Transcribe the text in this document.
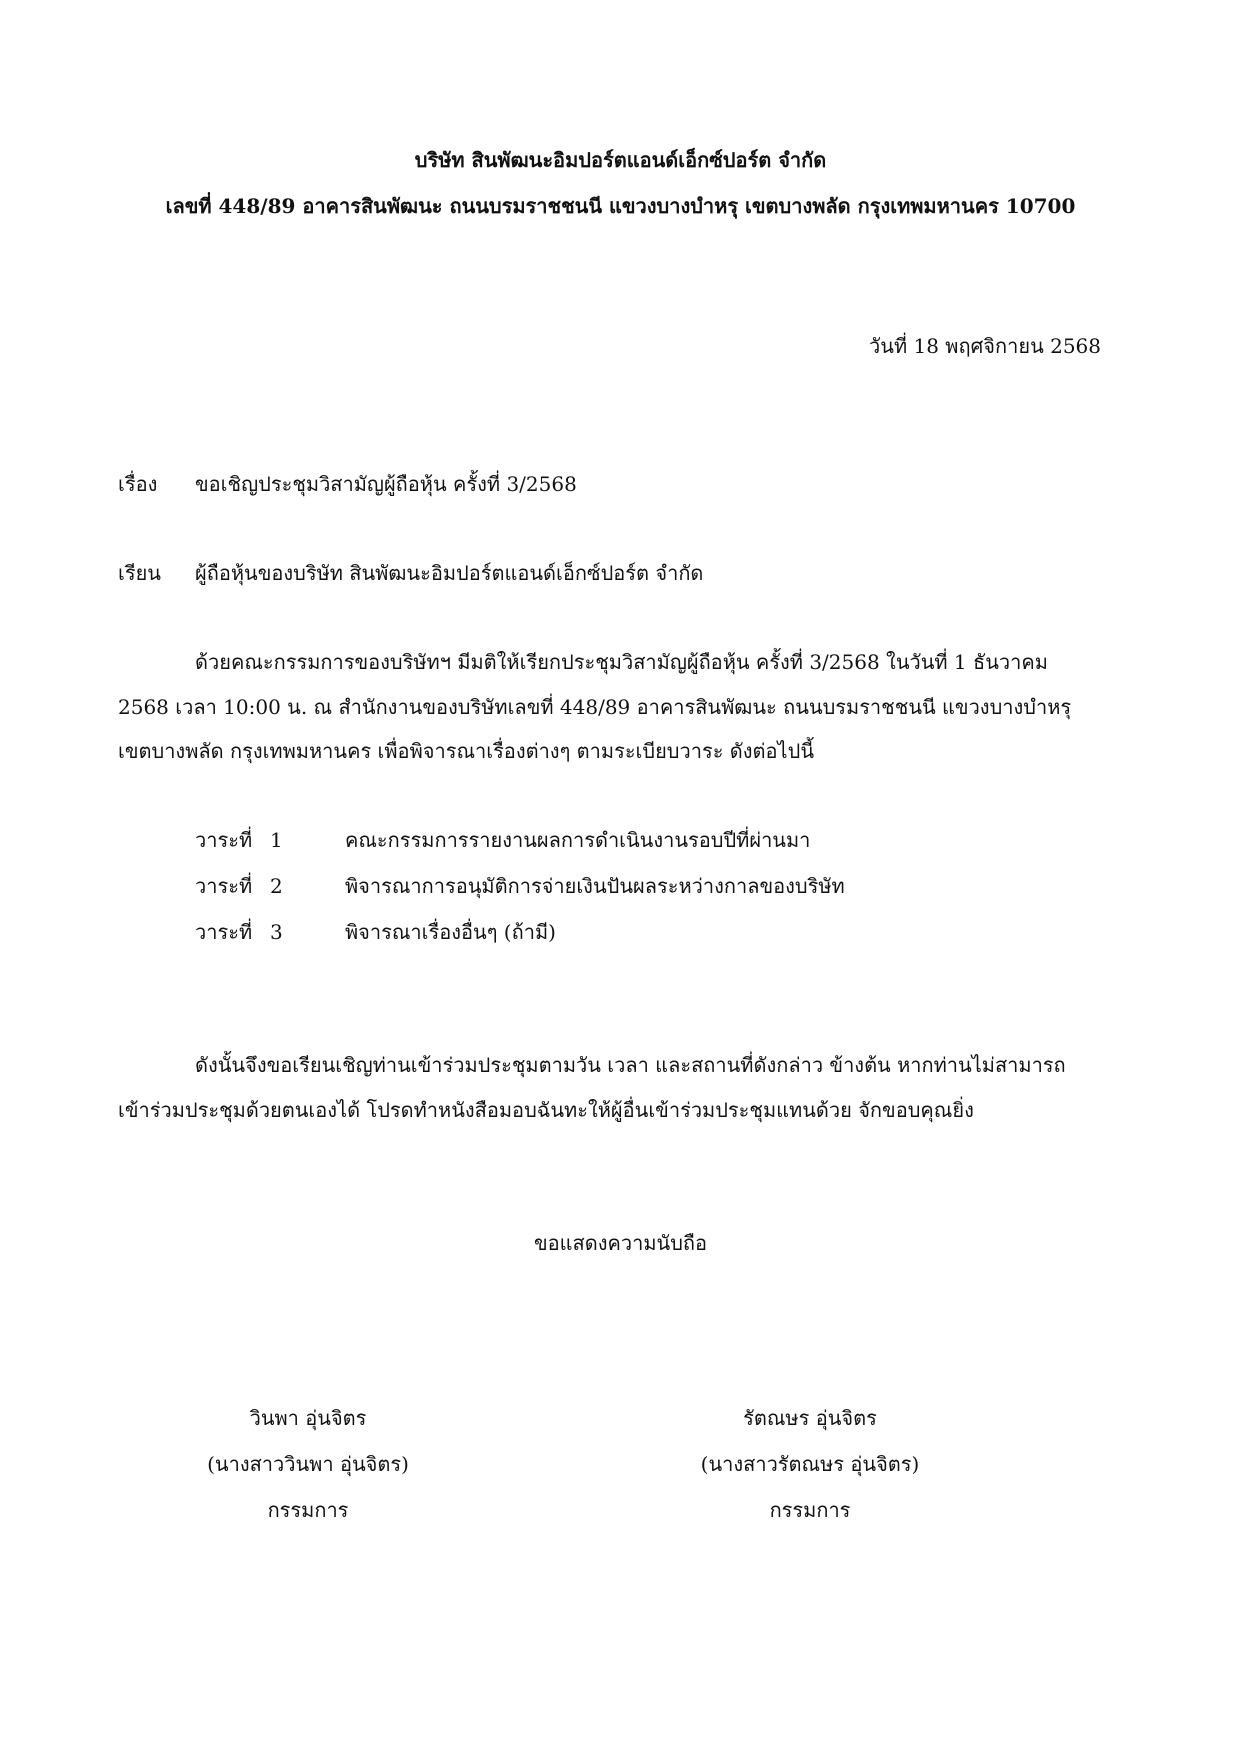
บริษัท สินพัฒนะอิมปอร์ตแอนด์เอ็กซ์ปอร์ต จำกัด
เลขที่ 448/89 อาคารสินพัฒนะ ถนนบรมราชชนนี แขวงบางบำหรุ เขตบางพลัด กรุงเทพมหานคร 10700
วันที่ 18 พฤศจิกายน 2568
เรื่อง ขอเชิญประชุมวิสามัญผู้ถือหุ้น ครั้งที่ 3/2568
เรียน ผู้ถือหุ้นของบริษัท สินพัฒนะอิมปอร์ตแอนด์เอ็กซ์ปอร์ต จำกัด
ด้วยคณะกรรมการของบริษัทฯ มีมติให้เรียกประชุมวิสามัญผู้ถือหุ้น ครั้งที่ 3/2568 ในวันที่ 1 ธันวาคม
2568 เวลา 10:00 น. ณ สำนักงานของบริษัทเลขที่ 448/89 อาคารสินพัฒนะ ถนนบรมราชชนนี แขวงบางบำหรุ
เขตบางพลัด กรุงเทพมหานคร เพื่อพิจารณาเรื่องต่างๆ ตามระเบียบวาระ ดังต่อไปนี้
วาระที่ 1	คณะกรรมการรายงานผลการดำเนินงานรอบปีที่ผ่านมา
วาระที่ 2	พิจารณาการอนุมัติการจ่ายเงินปันผลระหว่างกาลของบริษัท
วาระที่ 3	พิจารณาเรื่องอื่นๆ (ถ้ามี)
ดังนั้นจึงขอเรียนเชิญท่านเข้าร่วมประชุมตามวัน เวลา และสถานที่ดังกล่าว ข้างต้น หากท่านไม่สามารถ
เข้าร่วมประชุมด้วยตนเองได้ โปรดทำหนังสือมอบฉันทะให้ผู้อื่นเข้าร่วมประชุมแทนด้วย จักขอบคุณยิ่ง
ขอแสดงความนับถือ
วินพา อุ่นจิตร
(นางสาววินพา อุ่นจิตร)
กรรมการ
รัตณษร อุ่นจิตร
(นางสาวรัตณษร อุ่นจิตร)
กรรมการ
